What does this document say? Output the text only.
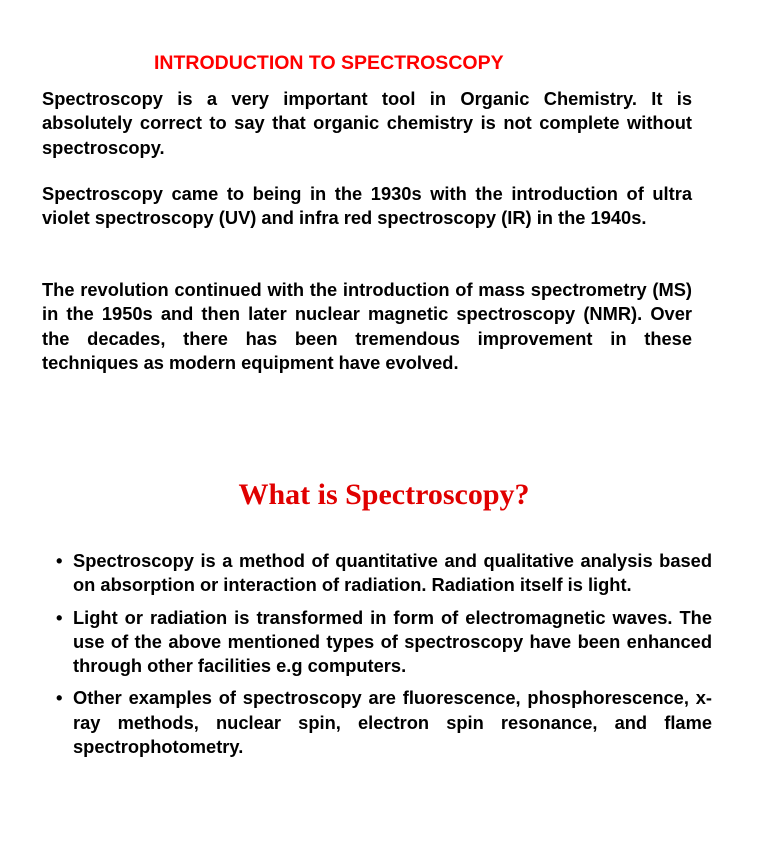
INTRODUCTION TO SPECTROSCOPY

Spectroscopy is a very important tool in Organic Chemistry. It is absolutely correct to say that organic chemistry is not complete without spectroscopy.

Spectroscopy came to being in the 1930s with the introduction of ultra violet spectroscopy (UV) and infra red spectroscopy (IR) in the 1940s.

The revolution continued with the introduction of mass spectrometry (MS) in the 1950s and then later nuclear magnetic spectroscopy (NMR). Over the decades, there has been tremendous improvement in these techniques as modern equipment have evolved.

What is Spectroscopy?
• Spectroscopy is a method of quantitative and qualitative analysis based on absorption or interaction of radiation. Radiation itself is light.
• Light or radiation is transformed in form of electromagnetic waves. The use of the above mentioned types of spectroscopy have been enhanced through other facilities e.g computers.
• Other examples of spectroscopy are fluorescence, phosphorescence, x-ray methods, nuclear spin, electron spin resonance, and flame spectrophotometry.
